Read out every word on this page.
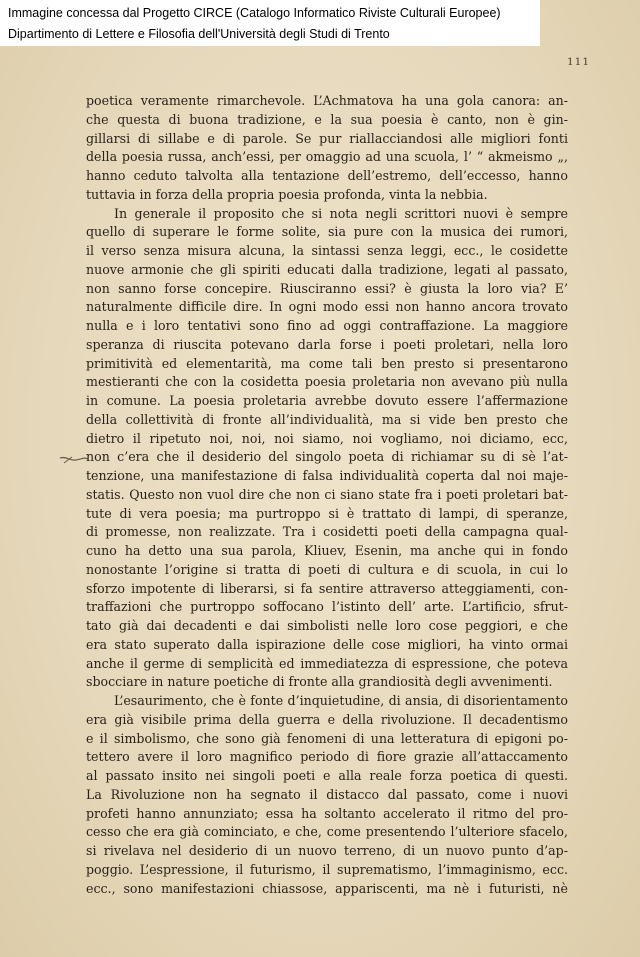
Immagine concessa dal Progetto CIRCE (Catalogo Informatico Riviste Culturali Europee)
Dipartimento di Lettere e Filosofia dell'Università degli Studi di Trento
111
poetica veramente rimarchevole. L’Achmatova ha una gola canora: an-
che questa di buona tradizione, e la sua poesia è canto, non è gin-
gillarsi di sillabe e di parole. Se pur riallacciandosi alle migliori fonti
della poesia russa, anch’essi, per omaggio ad una scuola, l’ “ akmeismo „,
hanno ceduto talvolta alla tentazione dell’estremo, dell’eccesso, hanno
tuttavia in forza della propria poesia profonda, vinta la nebbia.
In generale il proposito che si nota negli scrittori nuovi è sempre
quello di superare le forme solite, sia pure con la musica dei rumori,
il verso senza misura alcuna, la sintassi senza leggi, ecc., le cosidette
nuove armonie che gli spiriti educati dalla tradizione, legati al passato,
non sanno forse concepire. Riusciranno essi? è giusta la loro via? E’
naturalmente difficile dire. In ogni modo essi non hanno ancora trovato
nulla e i loro tentativi sono fino ad oggi contraffazione. La maggiore
speranza di riuscita potevano darla forse i poeti proletari, nella loro
primitività ed elementarità, ma come tali ben presto si presentarono
mestieranti che con la cosidetta poesia proletaria non avevano più nulla
in comune. La poesia proletaria avrebbe dovuto essere l’affermazione
della collettività di fronte all’individualità, ma si vide ben presto che
dietro il ripetuto noi, noi, noi siamo, noi vogliamo, noi diciamo, ecc,
non c’era che il desiderio del singolo poeta di richiamar su di sè l’at-
tenzione, una manifestazione di falsa individualità coperta dal noi maje-
statis. Questo non vuol dire che non ci siano state fra i poeti proletari bat-
tute di vera poesia; ma purtroppo si è trattato di lampi, di speranze,
di promesse, non realizzate. Tra i cosidetti poeti della campagna qual-
cuno ha detto una sua parola, Kliuev, Esenin, ma anche qui in fondo
nonostante l’origine si tratta di poeti di cultura e di scuola, in cui lo
sforzo impotente di liberarsi, si fa sentire attraverso atteggiamenti, con-
traffazioni che purtroppo soffocano l’istinto dell’ arte. L’artificio, sfrut-
tato già dai decadenti e dai simbolisti nelle loro cose peggiori, e che
era stato superato dalla ispirazione delle cose migliori, ha vinto ormai
anche il germe di semplicità ed immediatezza di espressione, che poteva
sbocciare in nature poetiche di fronte alla grandiosità degli avvenimenti.
L’esaurimento, che è fonte d’inquietudine, di ansia, di disorientamento
era già visibile prima della guerra e della rivoluzione. Il decadentismo
e il simbolismo, che sono già fenomeni di una letteratura di epigoni po-
tettero avere il loro magnifico periodo di fiore grazie all’attaccamento
al passato insito nei singoli poeti e alla reale forza poetica di questi.
La Rivoluzione non ha segnato il distacco dal passato, come i nuovi
profeti hanno annunziato; essa ha soltanto accelerato il ritmo del pro-
cesso che era già cominciato, e che, come presentendo l’ulteriore sfacelo,
si rivelava nel desiderio di un nuovo terreno, di un nuovo punto d’ap-
poggio. L’espressione, il futurismo, il suprematismo, l’immaginismo, ecc.
ecc., sono manifestazioni chiassose, appariscenti, ma nè i futuristi, nè
